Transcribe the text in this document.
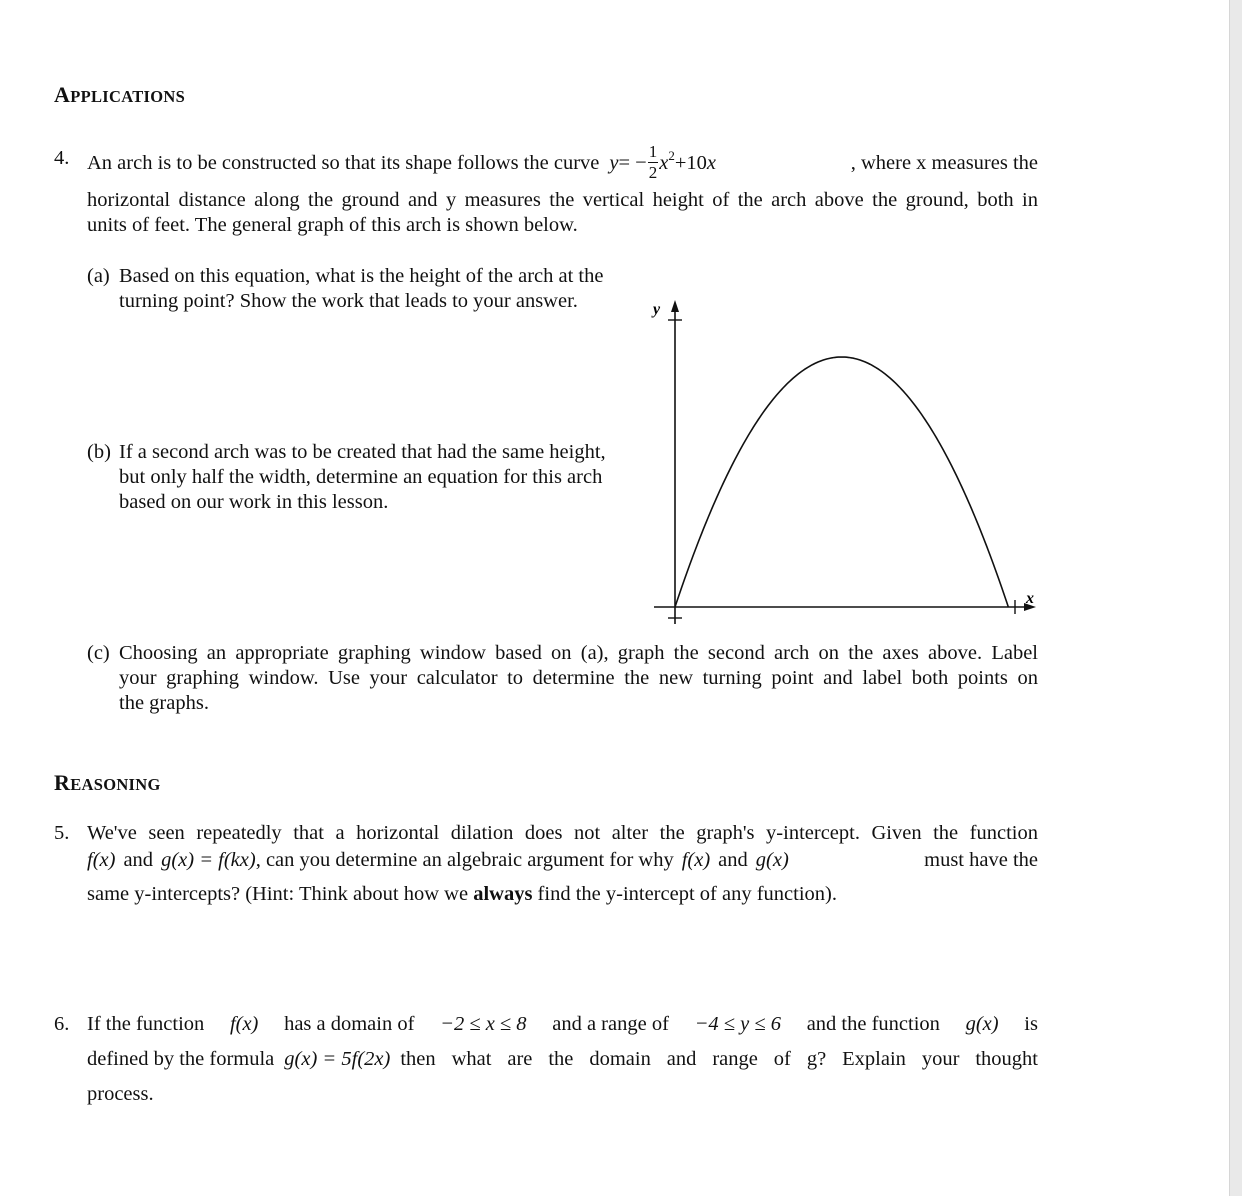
APPLICATIONS
4. An arch is to be constructed so that its shape follows the curve y = − $\frac{1}{2} x^2 +10$ x	, where x measures the
horizontal distance along the ground and y measures the vertical height of the arch above the ground, both in
units of feet. The general graph of this arch is shown below.
(a) Based on this equation, what is the height of the arch at the
turning point? Show the work that leads to your answer.
(b) If a second arch was to be created that had the same height,
but only half the width, determine an equation for this arch
based on our work in this lesson.
y
x
(c) Choosing an appropriate graphing window based on (a), graph the second arch on the axes above. Label
your graphing window. Use your calculator to determine the new turning point and label both points on
the graphs.
REASONING
5. We've seen repeatedly that a horizontal dilation does not alter the graph's y-intercept. Given the function
f(x) and g(x) = f(kx) , can you determine an algebraic argument for why f(x) and g(x)	must have the
same y-intercepts? (Hint: Think about how we always find the y-intercept of any function).
6. If the function f(x) has a domain of −2 ≤ x ≤ 8 and a range of −4 ≤ y ≤ 6 and the function g(x) is
defined by the formula g(x) = 5f(2x) then what are the domain and range of g? Explain your thought
process.
